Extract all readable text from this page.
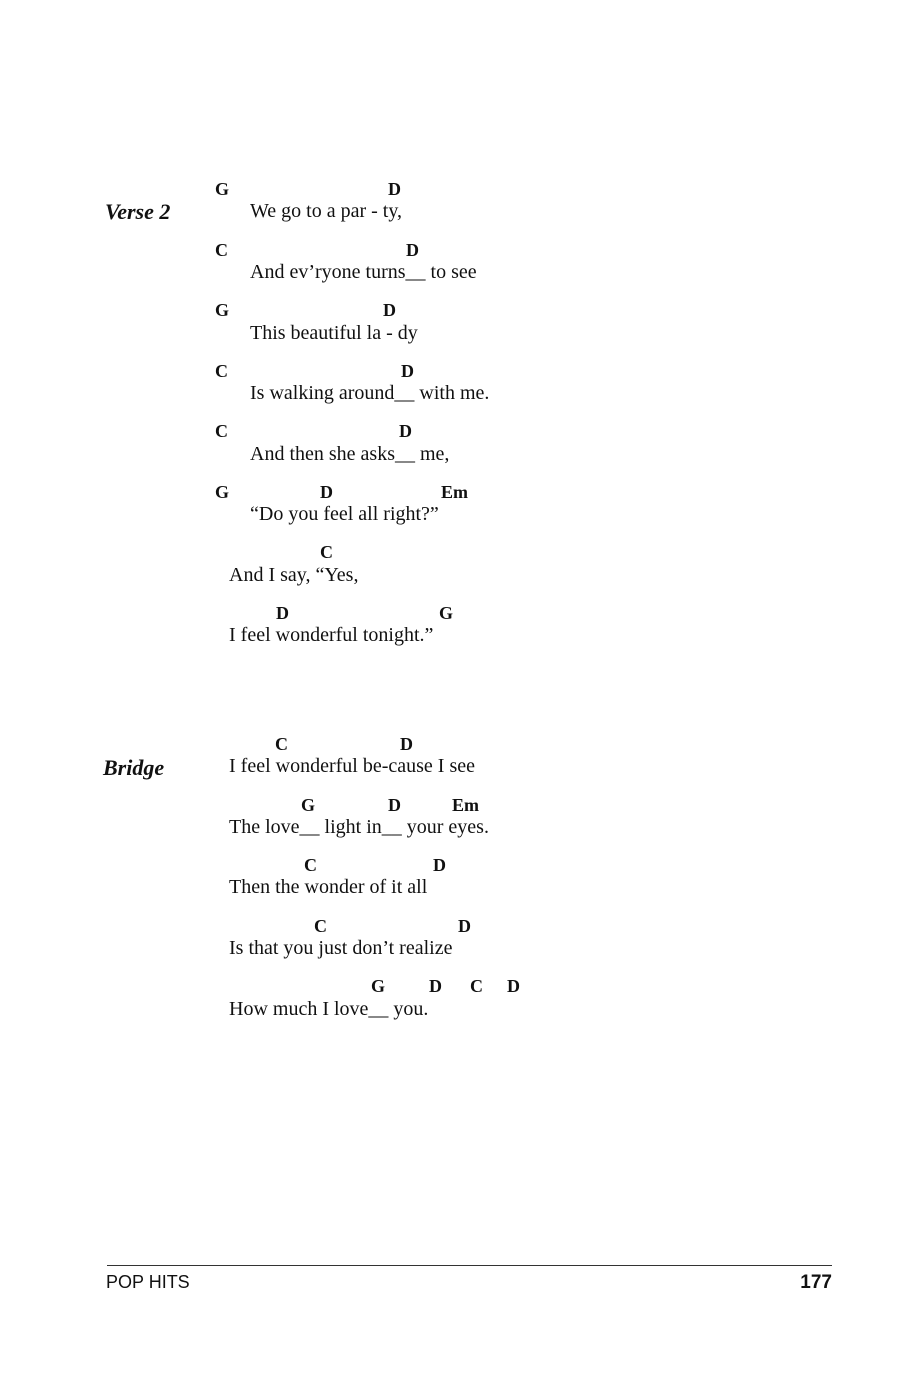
Verse 2
G	D
We go to a par - ty,
C	D
And ev’ryone turns__ to see
G	D
This beautiful la - dy
C	D
Is walking around__ with me.
C	D
And then she asks__ me,
G	D	Em
“Do you feel all right?”
C
And I say, “Yes,
D	G
I feel wonderful tonight.”
Bridge
C	D
I feel wonderful be-cause I see
G	D	Em
The love__ light in__ your eyes.
C	D
Then the wonder of it all
C	D
Is that you just don’t realize
G D C D
How much I love__ you.
POP HITS	177
